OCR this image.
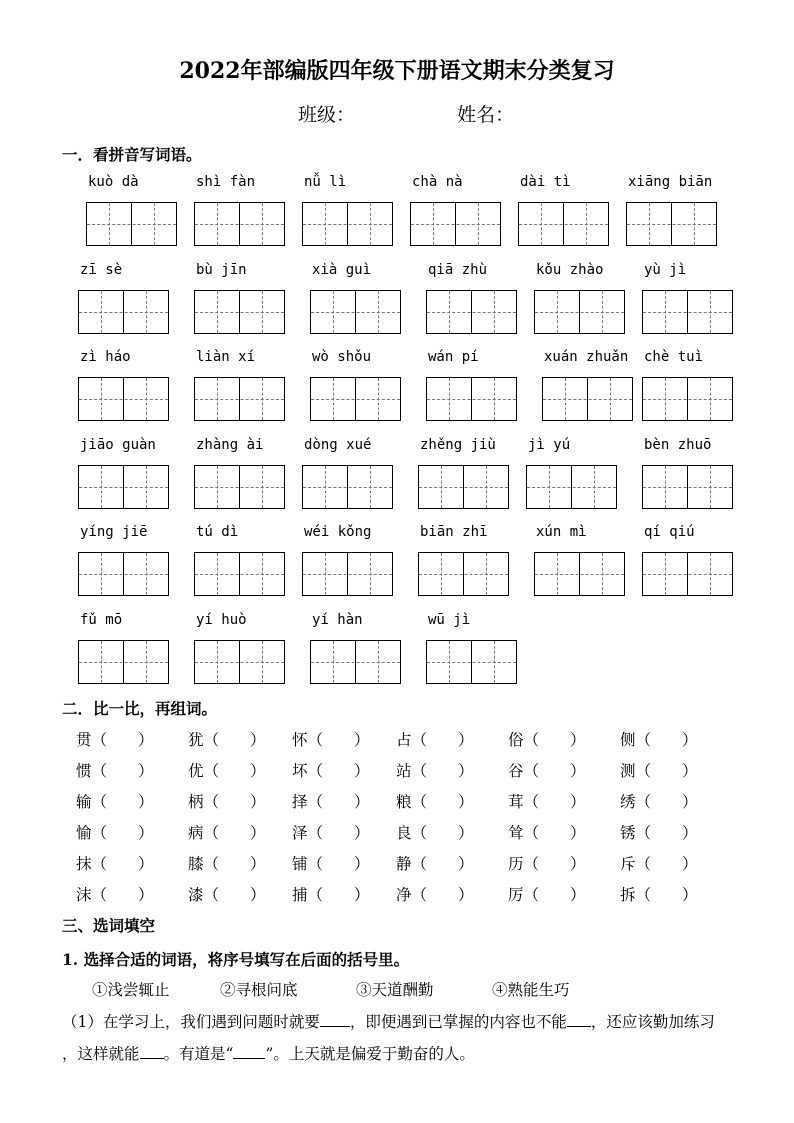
2022年部编版四年级下册语文期末分类复习
班级：	姓名：
一．看拼音写词语。
kuò dà	shì fàn	nǚ lì	chà nà	dài tì	xiāng biān
zī sè	bù jīn	xià guì	qiā zhù	kǒu zhào	yù jì
zì háo	liàn xí	wò shǒu	wán pí	xuán zhuǎn	chè tuì
jiāo guàn	zhàng ài	dòng xué	zhěng jiù	jì yú	bèn zhuō
yíng jiē	tú dì	wéi kǒng	biān zhī	xún mì	qí qiú
fǔ mō	yí huò	yí hàn	wū jì
二．比一比，再组词。
贯（　　） 犹（　　） 怀（　　） 占（　　） 俗（　　） 侧（　　）
惯（　　） 优（　　） 坏（　　） 站（　　） 谷（　　） 测（　　）
输（　　） 柄（　　） 择（　　） 粮（　　） 茸（　　） 绣（　　）
愉（　　） 病（　　） 泽（　　） 良（　　） 耸（　　） 锈（　　）
抹（　　） 膝（　　） 铺（　　） 静（　　） 历（　　） 斥（　　）
沫（　　） 漆（　　） 捕（　　） 净（　　） 厉（　　） 拆（　　）
三、选词填空
1. 选择合适的词语，将序号填写在后面的括号里。
①浅尝辄止	②寻根问底	③天道酬勤	④熟能生巧
（1）在学习上，我们遇到问题时就要 ，即便遇到已掌握的内容也不能 ，还应该勤加练习
，这样就能 。有道是“ ”。上天就是偏爱于勤奋的人。
